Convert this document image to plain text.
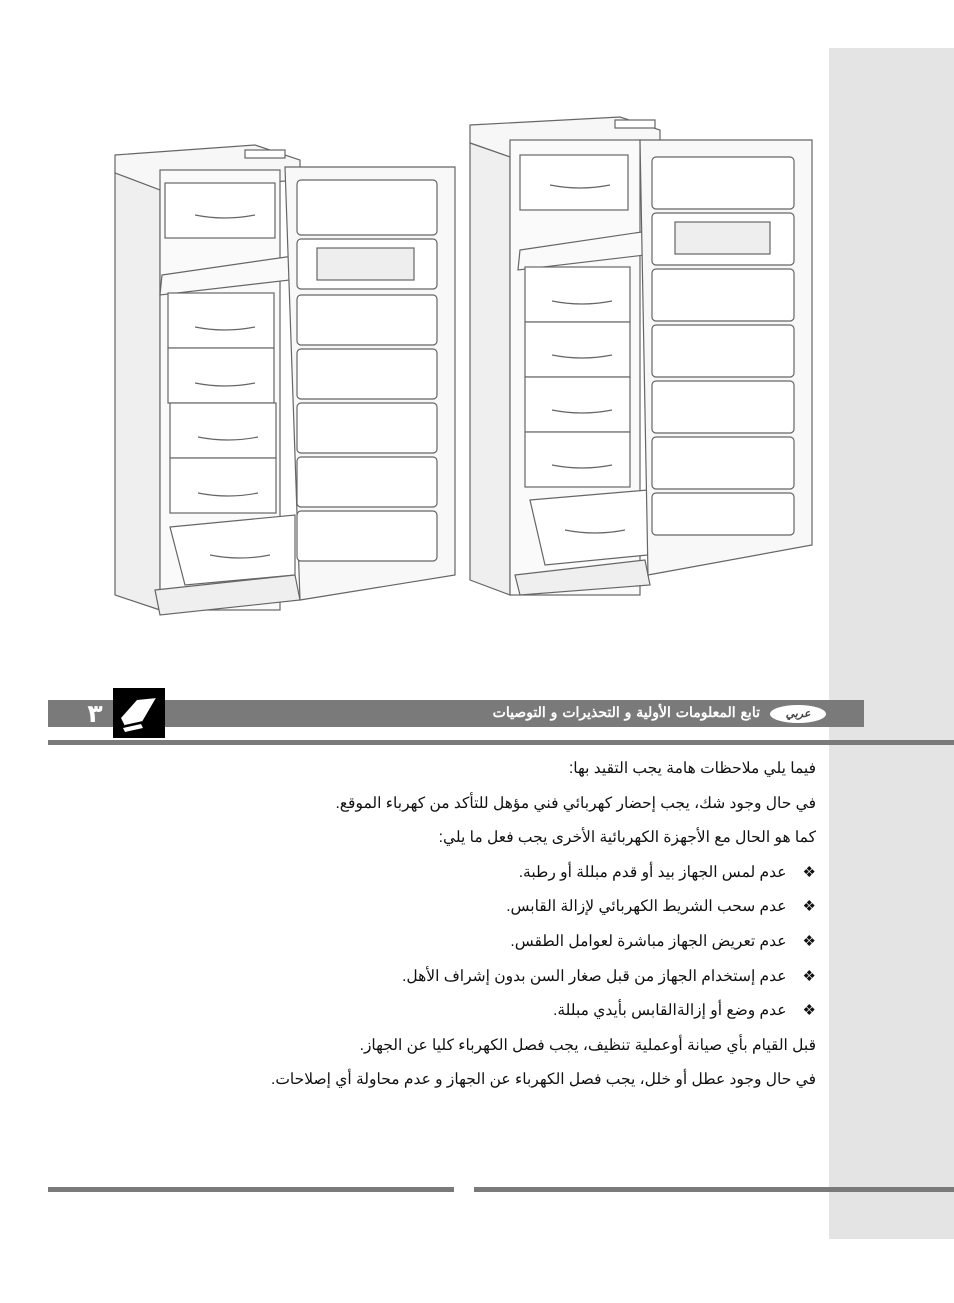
٣	تابع المعلومات الأولية و التحذيرات و التوصيات	عربي
فيما يلي ملاحظات هامة يجب التقيد بها:
في حال وجود شك، يجب إحضار كهربائي فني مؤهل للتأكد من كهرباء الموقع.
كما هو الحال مع الأجهزة الكهربائية الأخرى يجب فعل ما يلي:
❖عدم لمس الجهاز بيد أو قدم مبللة أو رطبة.
❖عدم سحب الشريط الكهربائي لإزالة القابس.
❖عدم تعريض الجهاز مباشرة لعوامل الطقس.
❖عدم إستخدام الجهاز من قبل صغار السن بدون إشراف الأهل.
❖عدم وضع أو إزالةالقابس بأيدي مبللة.
قبل القيام بأي صيانة أوعملية تنظيف، يجب فصل الكهرباء كليا عن الجهاز.
في حال وجود عطل أو خلل، يجب فصل الكهرباء عن الجهاز و عدم محاولة أي إصلاحات.
